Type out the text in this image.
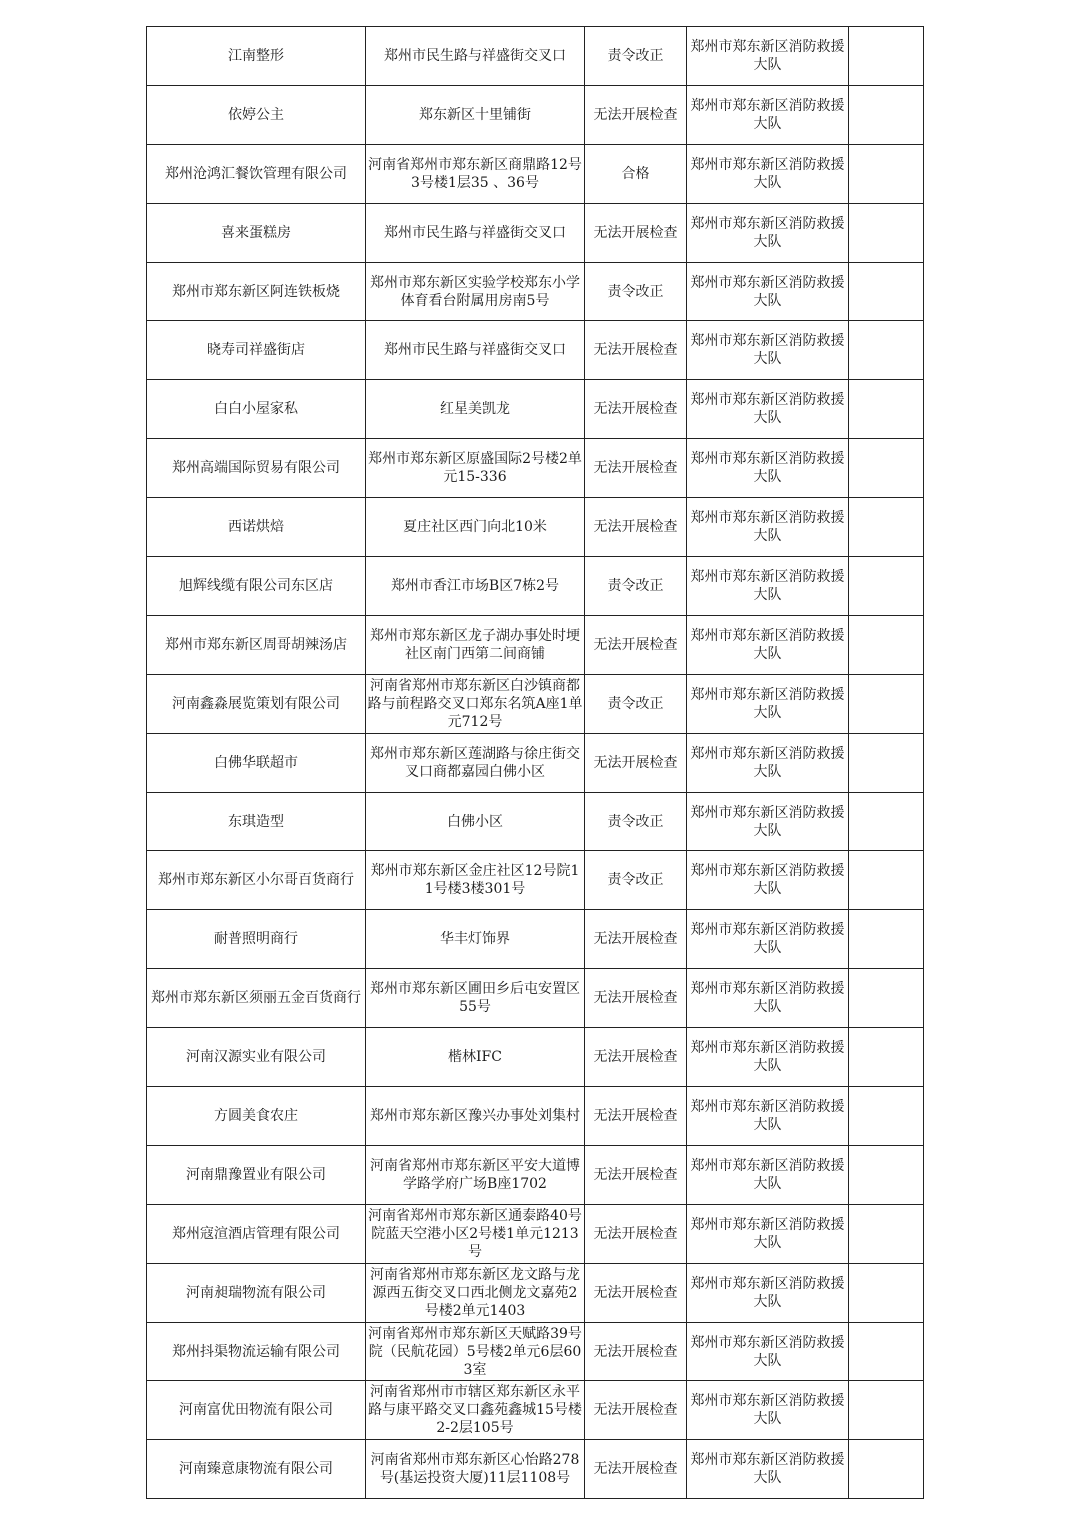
江南整形	郑州市民生路与祥盛街交叉口	责令改正	郑州市郑东新区消防救援大队	
依婷公主	郑东新区十里铺街	无法开展检查	郑州市郑东新区消防救援大队	
郑州沧鸿汇餐饮管理有限公司	河南省郑州市郑东新区商鼎路12号3号楼1层35 、36号	合格	郑州市郑东新区消防救援大队	
喜来蛋糕房	郑州市民生路与祥盛街交叉口	无法开展检查	郑州市郑东新区消防救援大队	
郑州市郑东新区阿连铁板烧	郑州市郑东新区实验学校郑东小学体育看台附属用房南5号	责令改正	郑州市郑东新区消防救援大队	
晓寿司祥盛街店	郑州市民生路与祥盛街交叉口	无法开展检查	郑州市郑东新区消防救援大队	
白白小屋家私	红星美凯龙	无法开展检查	郑州市郑东新区消防救援大队	
郑州高端国际贸易有限公司	郑州市郑东新区原盛国际2号楼2单元15-336	无法开展检查	郑州市郑东新区消防救援大队	
西诺烘焙	夏庄社区西门向北10米	无法开展检查	郑州市郑东新区消防救援大队	
旭辉线缆有限公司东区店	郑州市香江市场B区7栋2号	责令改正	郑州市郑东新区消防救援大队	
郑州市郑东新区周哥胡辣汤店	郑州市郑东新区龙子湖办事处时埂社区南门西第二间商铺	无法开展检查	郑州市郑东新区消防救援大队	
河南鑫淼展览策划有限公司	河南省郑州市郑东新区白沙镇商都路与前程路交叉口郑东名筑A座1单元712号	责令改正	郑州市郑东新区消防救援大队	
白佛华联超市	郑州市郑东新区莲湖路与徐庄街交叉口商都嘉园白佛小区	无法开展检查	郑州市郑东新区消防救援大队	
东琪造型	白佛小区	责令改正	郑州市郑东新区消防救援大队	
郑州市郑东新区小尔哥百货商行	郑州市郑东新区金庄社区12号院11号楼3楼301号	责令改正	郑州市郑东新区消防救援大队	
耐普照明商行	华丰灯饰界	无法开展检查	郑州市郑东新区消防救援大队	
郑州市郑东新区须丽五金百货商行	郑州市郑东新区圃田乡后屯安置区55号	无法开展检查	郑州市郑东新区消防救援大队	
河南汉源实业有限公司	楷林IFC	无法开展检查	郑州市郑东新区消防救援大队	
方圆美食农庄	郑州市郑东新区豫兴办事处刘集村	无法开展检查	郑州市郑东新区消防救援大队	
河南鼎豫置业有限公司	河南省郑州市郑东新区平安大道博学路学府广场B座1702	无法开展检查	郑州市郑东新区消防救援大队	
郑州寇渲酒店管理有限公司	河南省郑州市郑东新区通泰路40号院蓝天空港小区2号楼1单元1213号	无法开展检查	郑州市郑东新区消防救援大队	
河南昶瑞物流有限公司	河南省郑州市郑东新区龙文路与龙源西五街交叉口西北侧龙文嘉苑2号楼2单元1403	无法开展检查	郑州市郑东新区消防救援大队	
郑州抖渠物流运输有限公司	河南省郑州市郑东新区天赋路39号院（民航花园）5号楼2单元6层603室	无法开展检查	郑州市郑东新区消防救援大队	
河南富优田物流有限公司	河南省郑州市市辖区郑东新区永平路与康平路交叉口鑫苑鑫城15号楼2-2层105号	无法开展检查	郑州市郑东新区消防救援大队	
河南臻意康物流有限公司	河南省郑州市郑东新区心怡路278号(基运投资大厦)11层1108号	无法开展检查	郑州市郑东新区消防救援大队	
